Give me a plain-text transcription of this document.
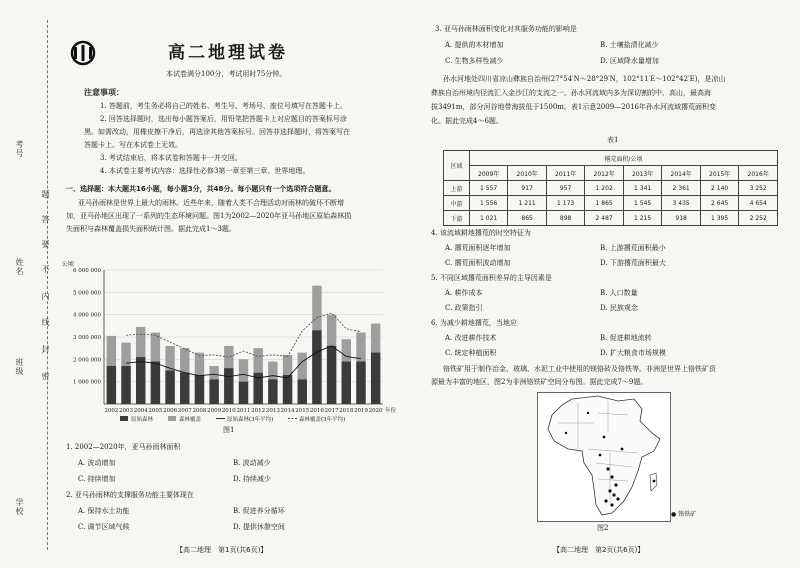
考号
姓名
班级
学校
题
答
要
不
内
线
封
密
高二地理试卷
本试卷满分100分，考试用时75分钟。
注意事项：
1. 答题前，考生务必将自己的姓名、考生号、考场号、座位号填写在答题卡上。
2. 回答选择题时，选出每小题答案后，用铅笔把答题卡上对应题目的答案标号涂
黑。如需改动，用橡皮擦干净后，再选涂其他答案标号。回答非选择题时，将答案写在
答题卡上。写在本试卷上无效。
3. 考试结束后，将本试卷和答题卡一并交回。
4. 本试卷主要考试内容：选择性必修3第一章至第三章、世界地理。
一、选择题：本大题共16小题，每小题3分，共48分。每小题只有一个选项符合题意。
亚马孙雨林是世界上最大的雨林。近些年来，随着人类不合理活动对雨林的破坏不断增
加，亚马孙地区出现了一系列的生态环境问题。图1为2002—2020年亚马孙地区原始森林损
失面积与森林覆盖损失面积统计图。据此完成1～3题。
公顷
1 000 000
2 000 000
3 000 000
4 000 000
5 000 000
6 000 000
2002 2003 2004 2005 2006 2007 2008 2009 2010 2011 2012 2013 2014 2015 2016 2017 2018 2019 2020 年份
原始森林	森林覆盖	原始森林(3年平均)	森林覆盖(3年平均)
图1
1. 2002—2020年，亚马孙雨林面积
A. 波动增加	B. 波动减少
C. 持续增加	D. 持续减少
2. 亚马孙雨林的支撑服务功能主要体现在
A. 保持水土功能	B. 促进养分循环
C. 调节区域气候	D. 提供休憩空间
【高二地理　第1页(共6页)】
3. 亚马孙雨林面积变化对其服务功能的影响是
A. 提供的木材增加	B. 土壤盐渍化减少
C. 生物多样性减少	D. 区域降水量增加
孙水河地处四川省凉山彝族自治州(27°54′N～28°29′N，102°11′E～102°42′E)，是凉山
彝族自治州境内径流汇入金沙江的支流之一。孙水河流域内多为深切割的中、高山，最高海
拔3491m，部分河谷地带海拔低于1500m。表1示意2009—2016年孙水河流域撂荒面积变
化。据此完成4～6题。
表1
区域	撂荒面积/公顷							
	2009年	2010年	2011年	2012年	2013年	2014年	2015年	2016年
上游	1 557	917	957	1 202	1 341	2 361	2 140	3 252
中游	1 556	1 211	1 173	1 865	1 545	3 435	2 645	4 654
下游	1 021	865	898	2 487	1 215	918	1 395	2 252
4. 该流域耕地撂荒的时空特征为
A. 撂荒面积逐年增加	B. 上游撂荒面积最小
C. 撂荒面积波动增加	D. 下游撂荒面积最大
5. 不同区域撂荒面积差异的主导因素是
A. 耕作成本	B. 人口数量
C. 政策指引	D. 民族观念
6. 为减少耕地撂荒，当地应
A. 改进耕作技术	B. 促进耕地流转
C. 统定种植面积	D. 扩大粮食市场规模
铬铁矿用于制作治金、玻璃、水泥工业中使用的镁铬砖及铬铁等。非洲是世界上铬铁矿资
源最为丰富的地区，图2为非洲铬铁矿空间分布图。据此完成7～9题。
● 铬铁矿
图2
【高二地理　第2页(共6页)】
